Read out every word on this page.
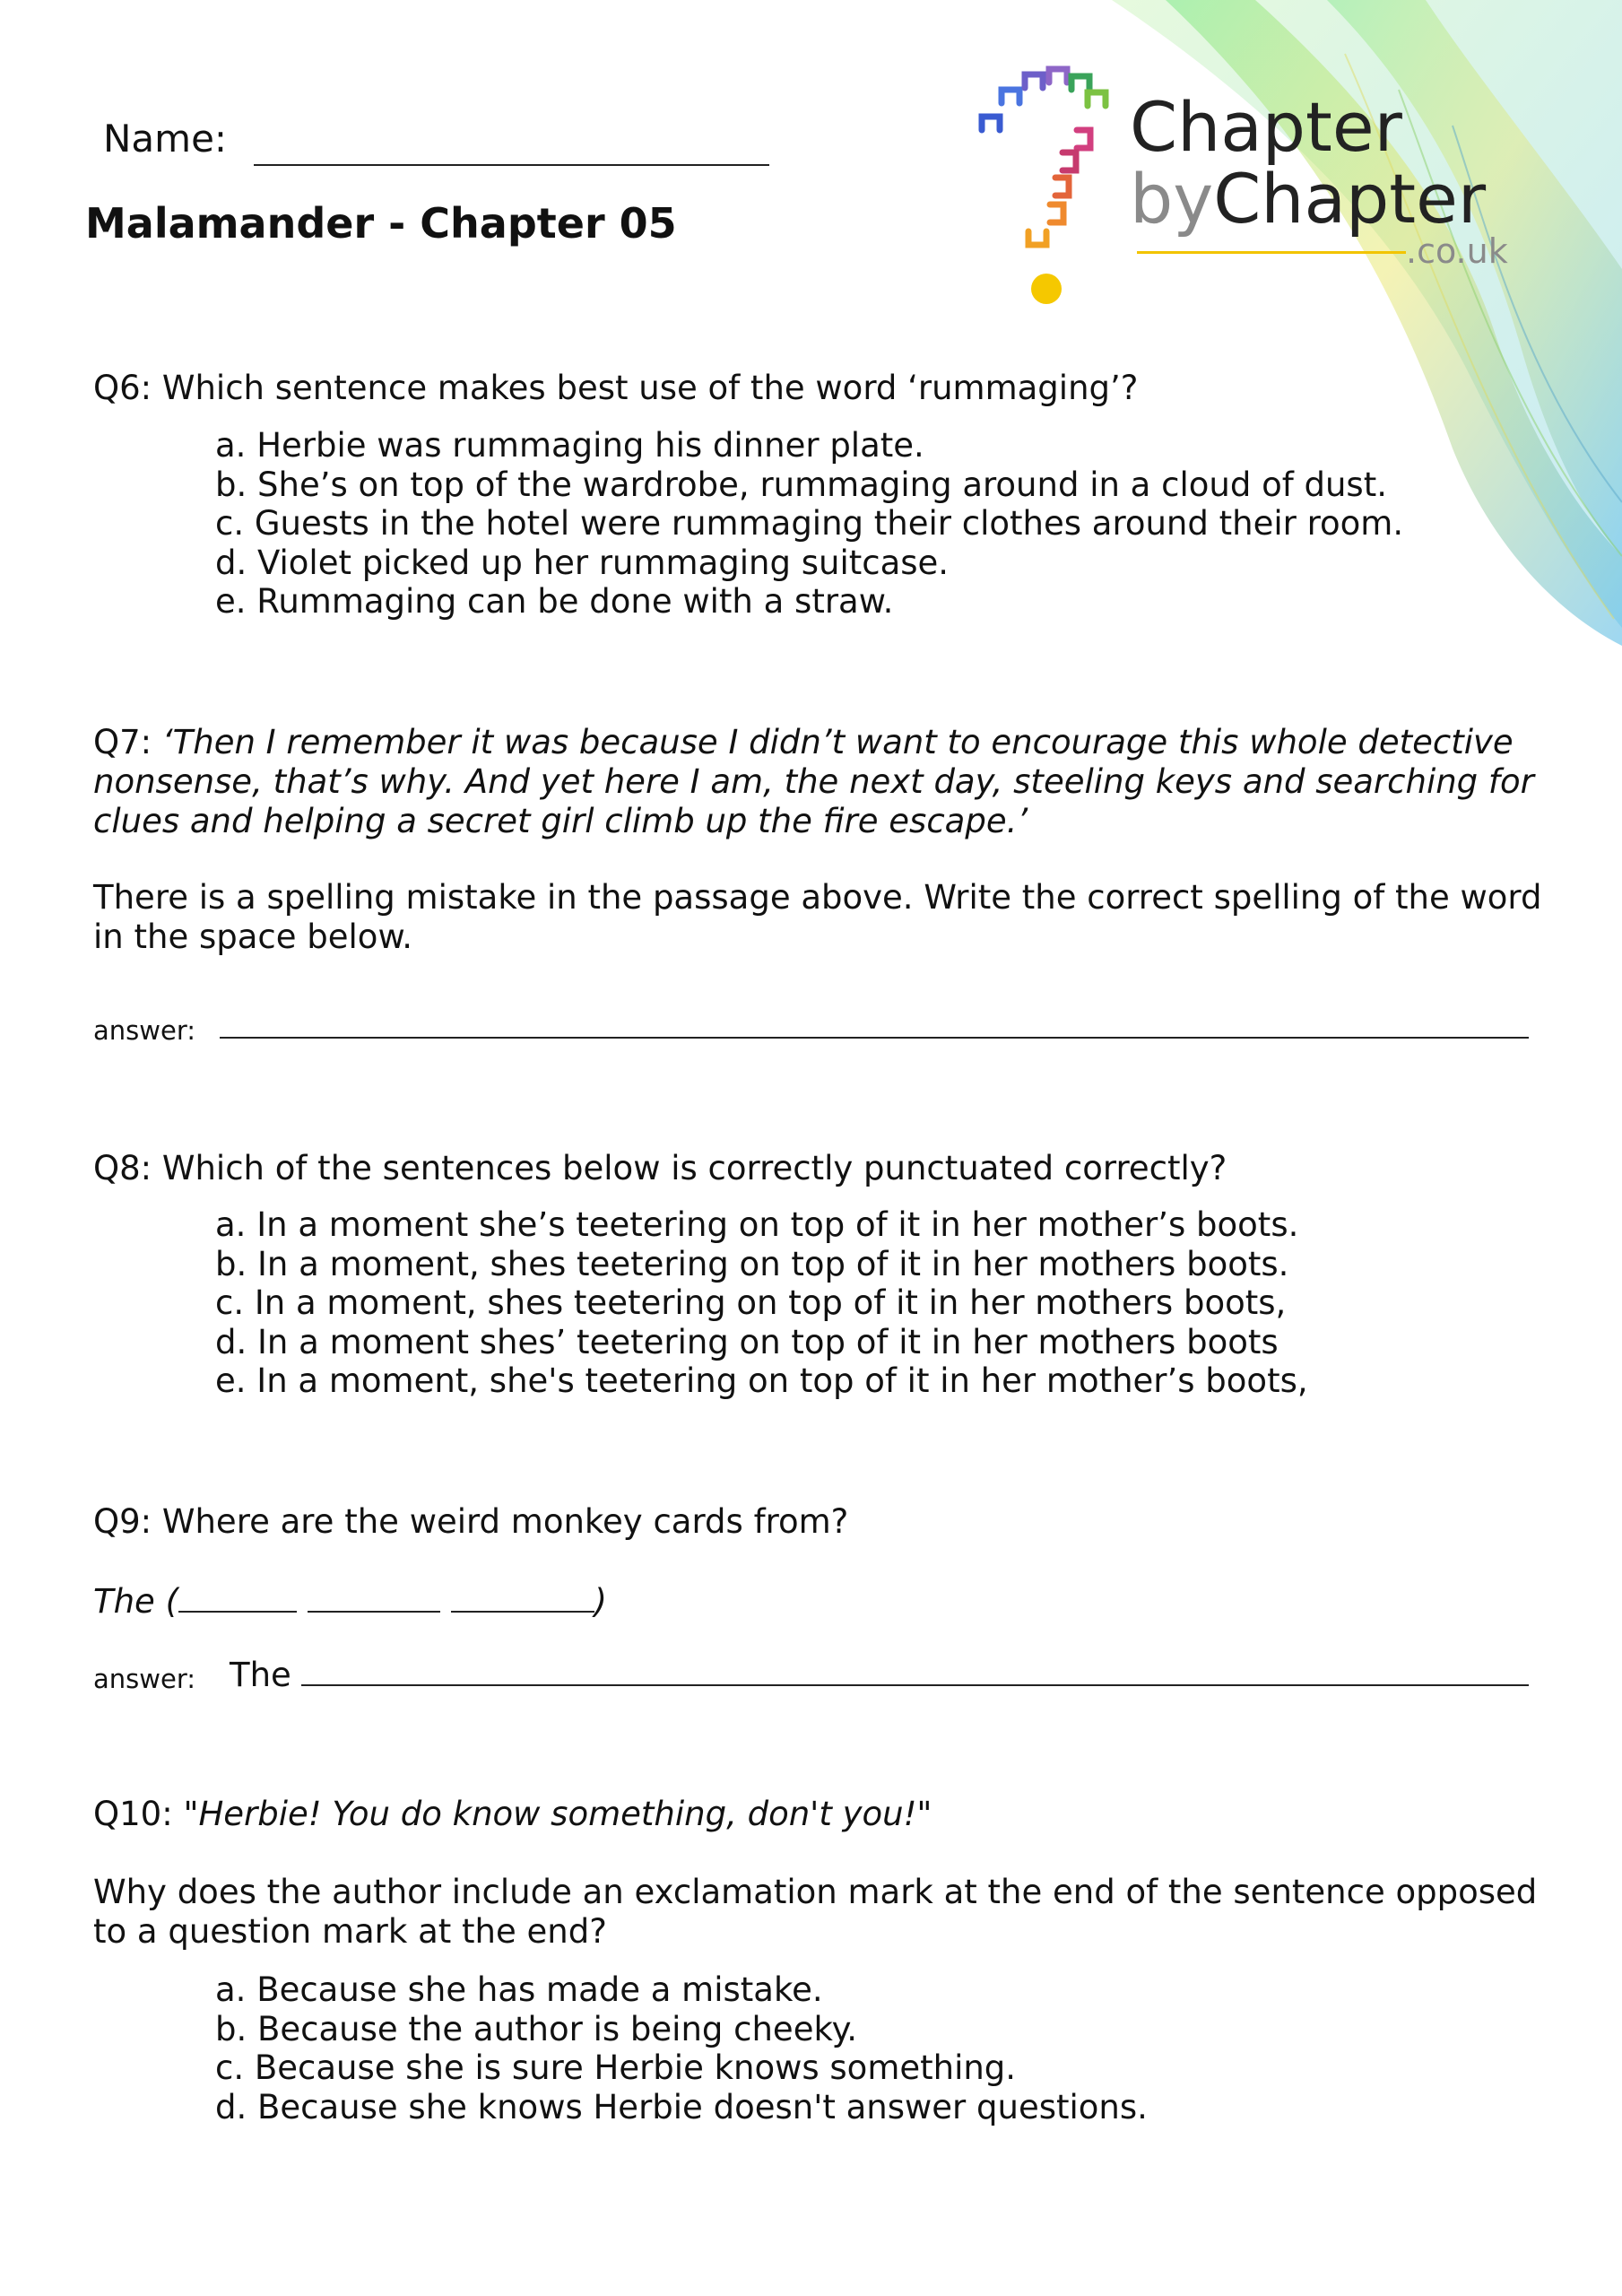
Name:
Malamander - Chapter 05
Chapter
byChapter
.co.uk
Q6: Which sentence makes best use of the word ‘rummaging’?
a. Herbie was rummaging his dinner plate.
b. She’s on top of the wardrobe, rummaging around in a cloud of dust.
c. Guests in the hotel were rummaging their clothes around their room.
d. Violet picked up her rummaging suitcase.
e. Rummaging can be done with a straw.
Q7: ‘Then I remember it was because I didn’t want to encourage this whole detective
nonsense, that’s why. And yet here I am, the next day, steeling keys and searching for
clues and helping a secret girl climb up the fire escape.’
There is a spelling mistake in the passage above. Write the correct spelling of the word
in the space below.
answer:
Q8: Which of the sentences below is correctly punctuated correctly?
a. In a moment she’s teetering on top of it in her mother’s boots.
b. In a moment, shes teetering on top of it in her mothers boots.
c. In a moment, shes teetering on top of it in her mothers boots,
d. In a moment shes’ teetering on top of it in her mothers boots
e. In a moment, she's teetering on top of it in her mother’s boots,
Q9: Where are the weird monkey cards from?
The (	)
answer: The
Q10: "Herbie! You do know something, don't you!"
Why does the author include an exclamation mark at the end of the sentence opposed
to a question mark at the end?
a. Because she has made a mistake.
b. Because the author is being cheeky.
c. Because she is sure Herbie knows something.
d. Because she knows Herbie doesn't answer questions.
